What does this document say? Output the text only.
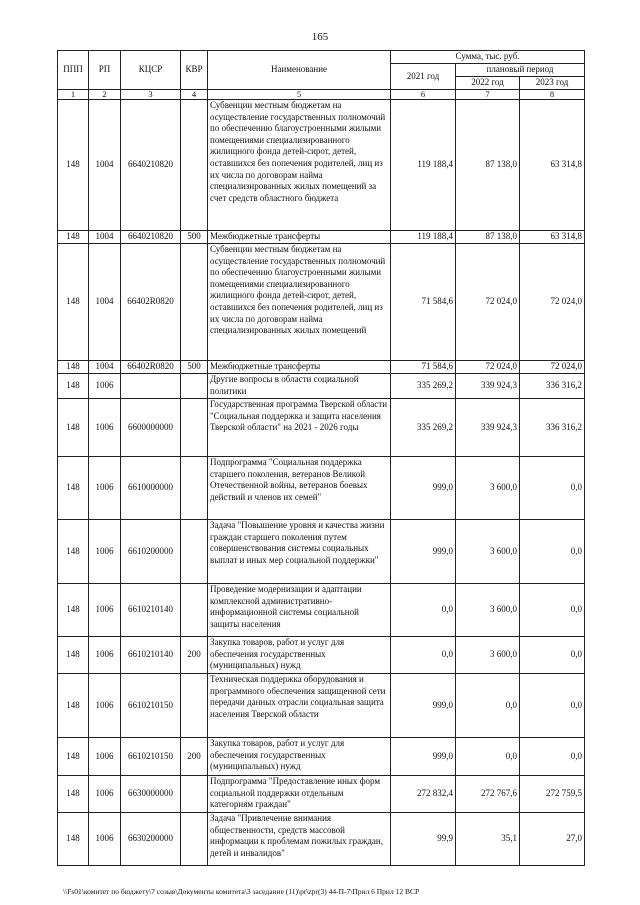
165
ППП	РП	КЦСР	КВР	Наименование	Сумма, тыс. руб.		
					2021 год	плановый период	
						2022 год	2023 год
1	2	3	4	5	6	7	8
148	1004	6640210820		Субвенции местным бюджетам на осуществление государственных полномочий по обеспечению благоустроенными жилыми помещениями специализированного жилищного фонда детей-сирот, детей, оставшихся без попечения родителей, лиц из их числа по договорам найма специализированных жилых помещений за счет средств областного бюджета	119 188,4	87 138,0	63 314,8
148	1004	6640210820	500	Межбюджетные трансферты	119 188,4	87 138,0	63 314,8
148	1004	66402R0820		Субвенции местным бюджетам на осуществление государственных полномочий по обеспечению благоустроенными жилыми помещениями специализированного жилищного фонда детей-сирот, детей, оставшихся без попечения родителей, лиц из их числа по договорам найма специализированных жилых помещений	71 584,6	72 024,0	72 024,0
148	1004	66402R0820	500	Межбюджетные трансферты	71 584,6	72 024,0	72 024,0
148	1006			Другие вопросы в области социальной политики	335 269,2	339 924,3	336 316,2
148	1006	6600000000		Государственная программа Тверской области "Социальная поддержка и защита населения Тверской области" на 2021 - 2026 годы	335 269,2	339 924,3	336 316,2
148	1006	6610000000		Подпрограмма "Социальная поддержка старшего поколения, ветеранов Великой Отечественной войны, ветеранов боевых действий и членов их семей"	999,0	3 600,0	0,0
148	1006	6610200000		Задача "Повышение уровня и качества жизни граждан старшего поколения путем совершенствования системы социальных выплат и иных мер социальной поддержки"	999,0	3 600,0	0,0
148	1006	6610210140		Проведение модернизации и адаптации комплексной административно-информационной системы социальной защиты населения	0,0	3 600,0	0,0
148	1006	6610210140	200	Закупка товаров, работ и услуг для обеспечения государственных (муниципальных) нужд	0,0	3 600,0	0,0
148	1006	6610210150		Техническая поддержка оборудования и программного обеспечения защищенной сети передачи данных отрасли социальная защита населения Тверской области	999,0	0,0	0,0
148	1006	6610210150	200	Закупка товаров, работ и услуг для обеспечения государственных (муниципальных) нужд	999,0	0,0	0,0
148	1006	6630000000		Подпрограмма "Предоставление иных форм социальной поддержки отдельным категориям граждан"	272 832,4	272 767,6	272 759,5
148	1006	6630200000		Задача "Привлечение внимания общественности, средств массовой информации к проблемам пожилых граждан, детей и инвалидов"	99,9	35,1	27,0
\\Fs01\комитет по бюджету\7 созыв\Документы комитета\3 заседание (11)\pr\zpr(3) 44-П-7\Прил 6 Прил 12 ВСР
